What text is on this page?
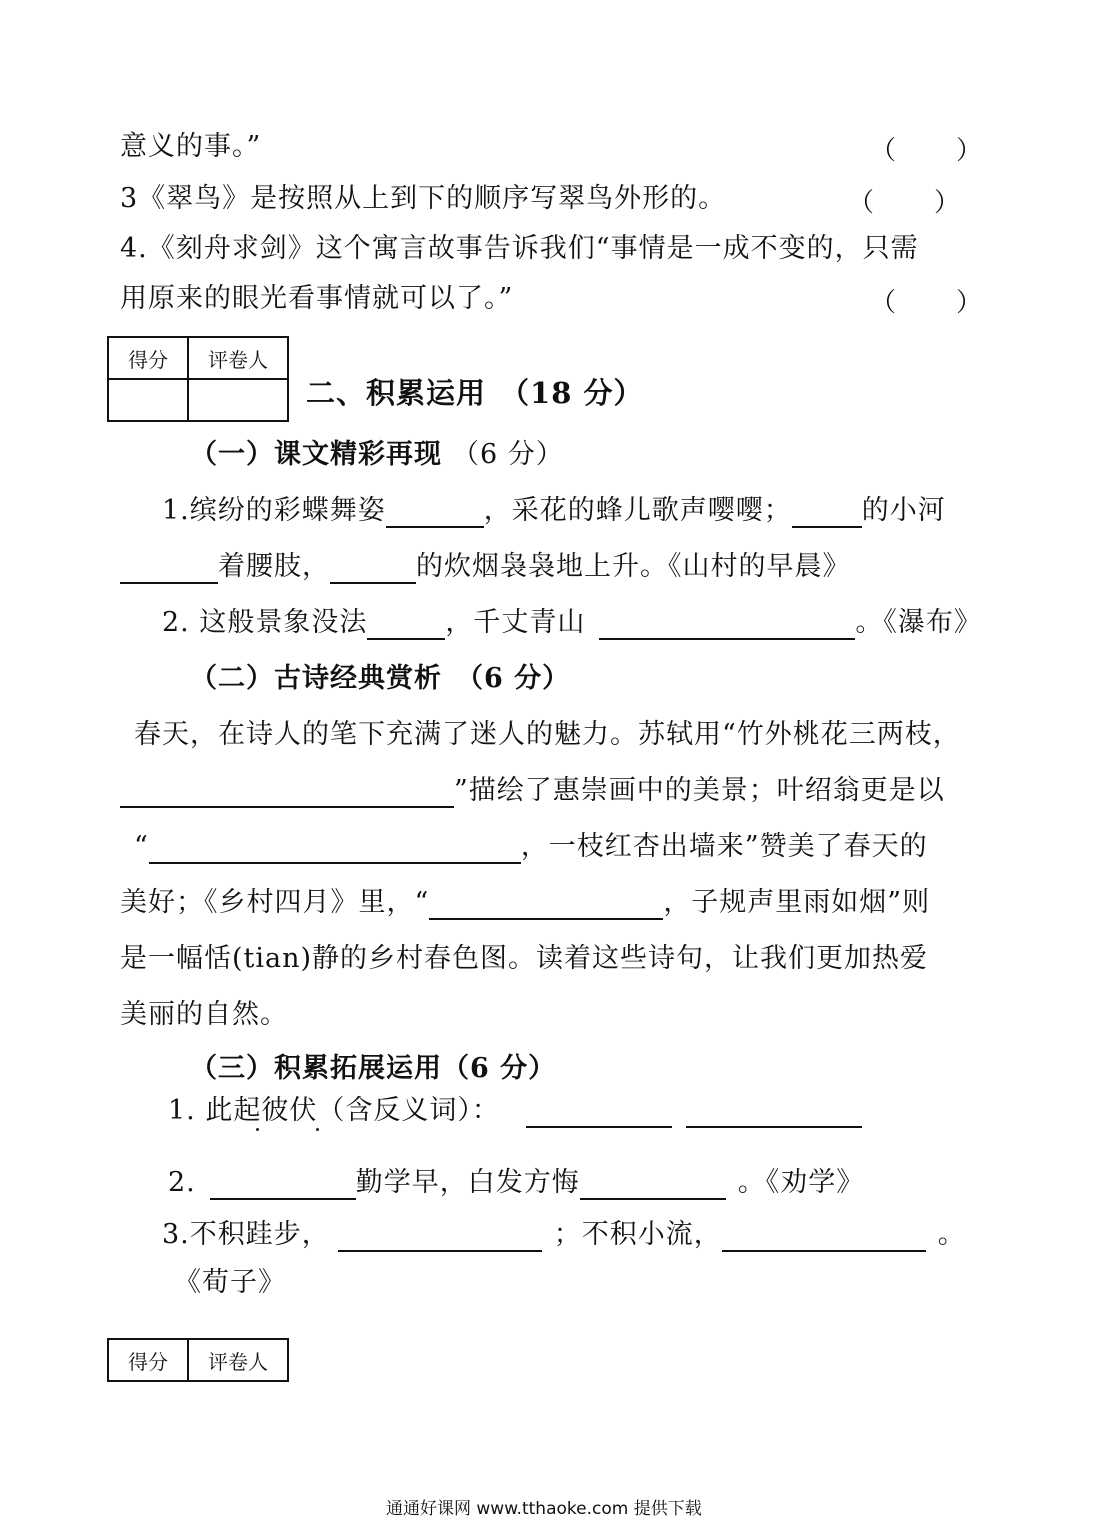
意义的事。”	（ ）
3《翠鸟》是按照从上到下的顺序写翠鸟外形的。	（ ）
4.《刻舟求剑》这个寓言故事告诉我们“事情是一成不变的，只需
用原来的眼光看事情就可以了。”	（ ）
得分	评卷人

二、积累运用 （18 分）
（一）课文精彩再现 （6 分）
1.缤纷的彩蝶舞姿	，采花的蜂儿歌声嘤嘤；	的小河
着腰肢，	的炊烟袅袅地上升。《山村的早晨》
2. 这般景象没法	，千丈青山	。《瀑布》
（二）古诗经典赏析 （6 分）
春天，在诗人的笔下充满了迷人的魅力。苏轼用“竹外桃花三两枝，
”描绘了惠崇画中的美景；叶绍翁更是以
“	，一枝红杏出墙来”赞美了春天的
美好；《乡村四月》里，“	，子规声里雨如烟”则
是一幅恬(tian)静的乡村春色图。读着这些诗句，让我们更加热爱
美丽的自然。
（三）积累拓展运用（6 分）
1. 此起彼伏（含反义词）：
2.	勤学早，白发方悔	。《劝学》
3.不积跬步，	；不积小流，	。
《荀子》
得分	评卷人
通通好课网 www.tthaoke.com 提供下载
